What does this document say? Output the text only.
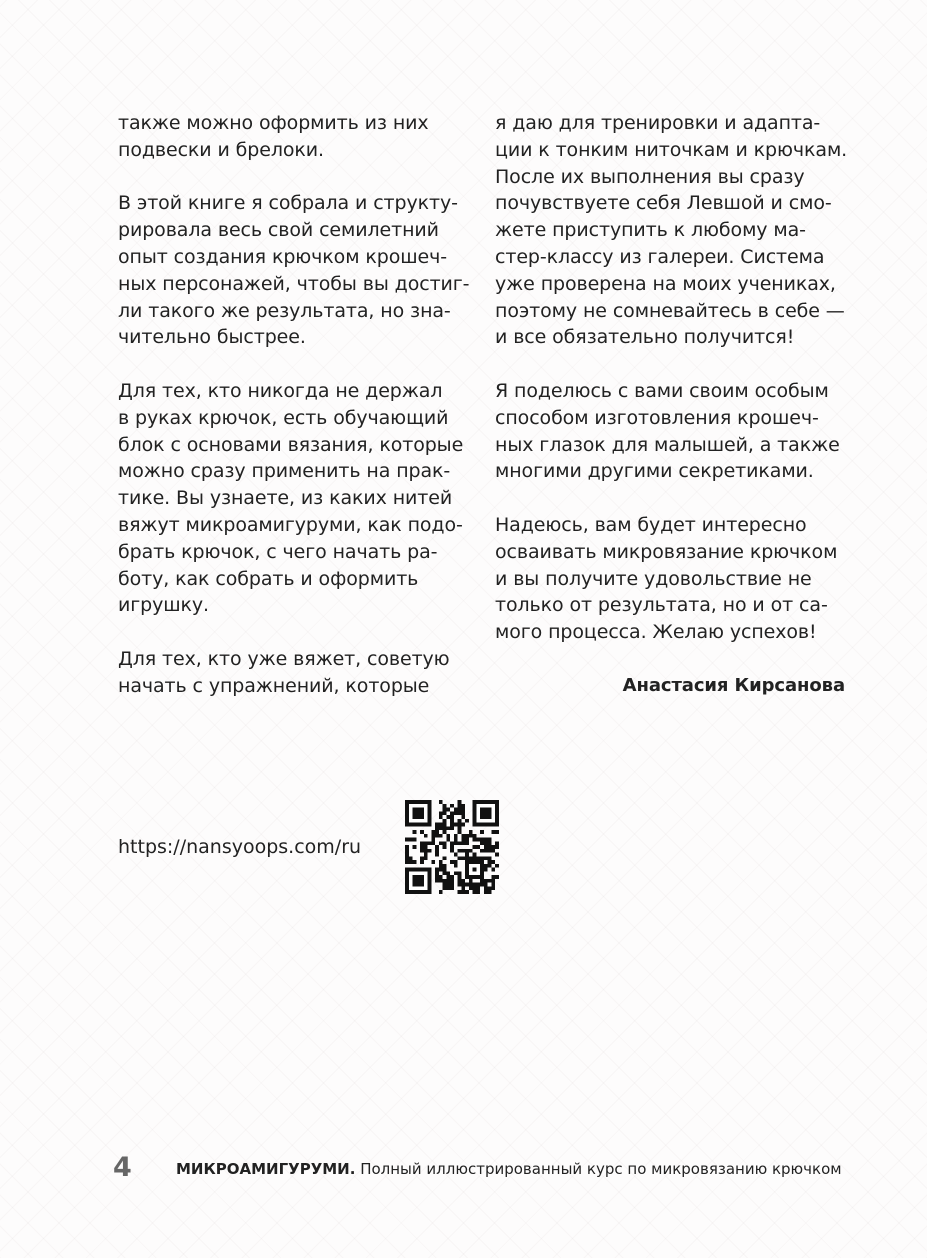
также можно оформить из них
подвески и брелоки.
В этой книге я собрала и структу-
рировала весь свой семилетний
опыт создания крючком крошеч-
ных персонажей, чтобы вы достиг-
ли такого же результата, но зна-
чительно быстрее.
Для тех, кто никогда не держал
в руках крючок, есть обучающий
блок с основами вязания, которые
можно сразу применить на прак-
тике. Вы узнаете, из каких нитей
вяжут микроамигуруми, как подо-
брать крючок, с чего начать ра-
боту, как собрать и оформить
игрушку.
Для тех, кто уже вяжет, советую
начать с упражнений, которые
я даю для тренировки и адапта-
ции к тонким ниточкам и крючкам.
После их выполнения вы сразу
почувствуете себя Левшой и смо-
жете приступить к любому ма-
стер-классу из галереи. Система
уже проверена на моих учениках,
поэтому не сомневайтесь в себе —
и все обязательно получится!
Я поделюсь с вами своим особым
способом изготовления крошеч-
ных глазок для малышей, а также
многими другими секретиками.
Надеюсь, вам будет интересно
осваивать микровязание крючком
и вы получите удовольствие не
только от результата, но и от са-
мого процесса. Желаю успехов!
Анастасия Кирсанова
https://nansyoops.com/ru
4	МИКРОАМИГУРУМИ. Полный иллюстрированный курс по микровязанию крючком
